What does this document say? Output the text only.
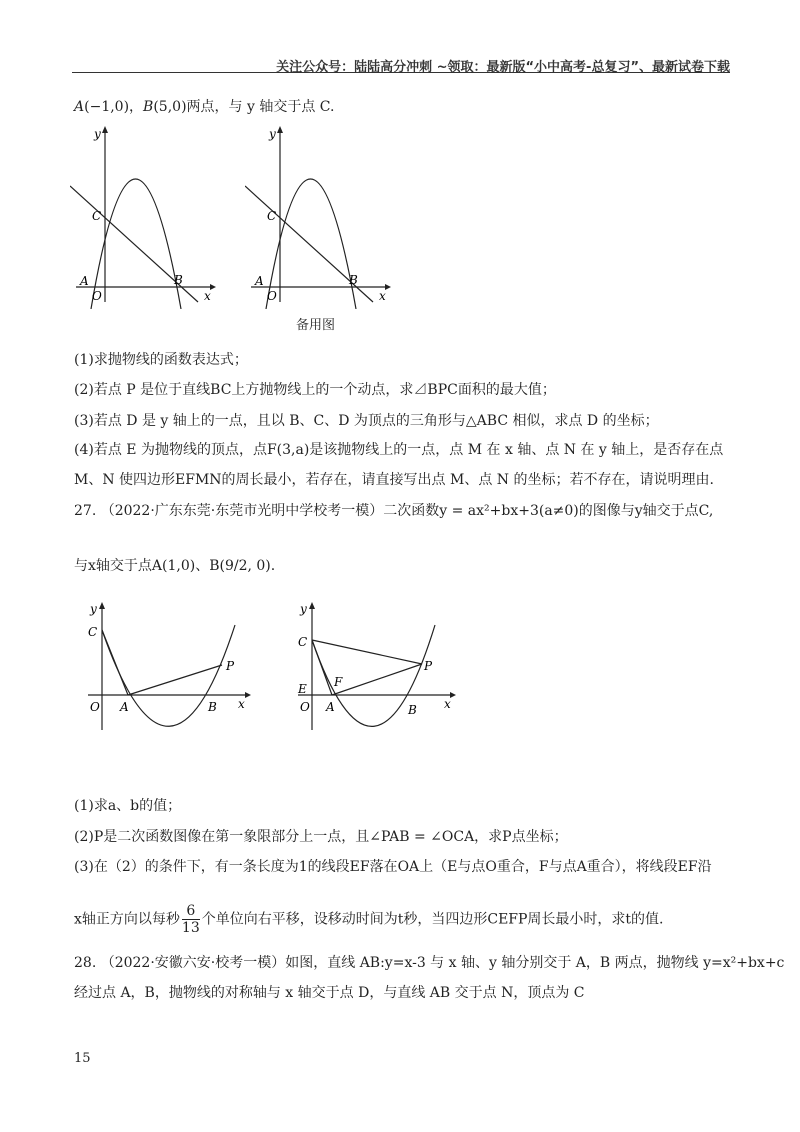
关注公众号：陆陆高分冲刺 ~领取：最新版“小中高考-总复习”、最新试卷下载
A(−1,0)，B(5,0)两点，与 y 轴交于点 C.
y
x
O
A	B
C
y
x
O
A	B
C
备用图
(1)求抛物线的函数表达式；
(2)若点 P 是位于直线BC上方抛物线上的一个动点，求⊿BPC面积的最大值；
(3)若点 D 是 y 轴上的一点，且以 B、C、D 为顶点的三角形与△ABC 相似，求点 D 的坐标；
(4)若点 E 为抛物线的顶点，点F(3,a)是该抛物线上的一点，点 M 在 x 轴、点 N 在 y 轴上，是否存在点
M、N 使四边形EFMN的周长最小，若存在，请直接写出点 M、点 N 的坐标；若不存在，请说明理由.
27. （2022·广东东莞·东莞市光明中学校考一模）二次函数y = ax²+bx+3(a≠0)的图像与y轴交于点C,
与x轴交于点A(1,0)、B(9/2, 0).
y
x
O A	B
C
P
y
x
O A	B
C
E F
P
(1)求a、b的值；
(2)P是二次函数图像在第一象限部分上一点，且∠PAB = ∠OCA，求P点坐标；
(3)在（2）的条件下，有一条长度为1的线段EF落在OA上（E与点O重合，F与点A重合），将线段EF沿
x轴正方向以每秒 $\frac{6}{13}$ 个单位向右平移，设移动时间为t秒，当四边形CEFP周长最小时，求t的值.
28. （2022·安徽六安·校考一模）如图，直线 AB:y=x-3 与 x 轴、y 轴分别交于 A，B 两点，抛物线 y=x²+bx+c
经过点 A，B，抛物线的对称轴与 x 轴交于点 D，与直线 AB 交于点 N，顶点为 C
15
